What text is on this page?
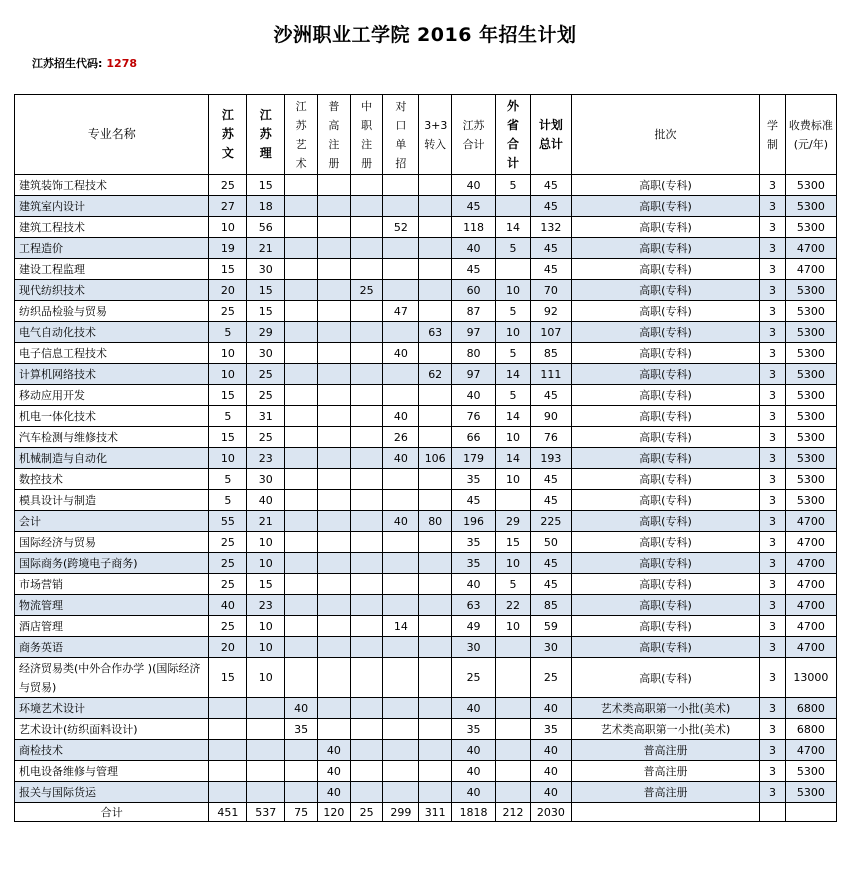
沙洲职业工学院 2016 年招生计划
江苏招生代码: 1278
专业名称	江苏文	江苏理	江苏艺术	普高注册	中职注册	对口单招	3+3转入	江苏合计	外省合计	计划总计	批次	学制	收费标准(元/年)
建筑装饰工程技术	25	15						40	5	45	高职(专科)	3	5300
建筑室内设计	27	18						45		45	高职(专科)	3	5300
建筑工程技术	10	56				52		118	14	132	高职(专科)	3	5300
工程造价	19	21						40	5	45	高职(专科)	3	4700
建设工程监理	15	30						45		45	高职(专科)	3	4700
现代纺织技术	20	15			25			60	10	70	高职(专科)	3	5300
纺织品检验与贸易	25	15				47		87	5	92	高职(专科)	3	5300
电气自动化技术	5	29					63	97	10	107	高职(专科)	3	5300
电子信息工程技术	10	30				40		80	5	85	高职(专科)	3	5300
计算机网络技术	10	25					62	97	14	111	高职(专科)	3	5300
移动应用开发	15	25						40	5	45	高职(专科)	3	5300
机电一体化技术	5	31				40		76	14	90	高职(专科)	3	5300
汽车检测与维修技术	15	25				26		66	10	76	高职(专科)	3	5300
机械制造与自动化	10	23				40	106	179	14	193	高职(专科)	3	5300
数控技术	5	30						35	10	45	高职(专科)	3	5300
模具设计与制造	5	40						45		45	高职(专科)	3	5300
会计	55	21				40	80	196	29	225	高职(专科)	3	4700
国际经济与贸易	25	10						35	15	50	高职(专科)	3	4700
国际商务(跨境电子商务)	25	10						35	10	45	高职(专科)	3	4700
市场营销	25	15						40	5	45	高职(专科)	3	4700
物流管理	40	23						63	22	85	高职(专科)	3	4700
酒店管理	25	10				14		49	10	59	高职(专科)	3	4700
商务英语	20	10						30		30	高职(专科)	3	4700
经济贸易类(中外合作办学 )(国际经济与贸易)	15	10						25		25	高职(专科)	3	13000
环境艺术设计			40					40		40	艺术类高职第一小批(美术)	3	6800
艺术设计(纺织面料设计)			35					35		35	艺术类高职第一小批(美术)	3	6800
商检技术				40				40		40	普高注册	3	4700
机电设备维修与管理				40				40		40	普高注册	3	5300
报关与国际货运				40				40		40	普高注册	3	5300
合计	451	537	75	120	25	299	311	1818	212	2030			
